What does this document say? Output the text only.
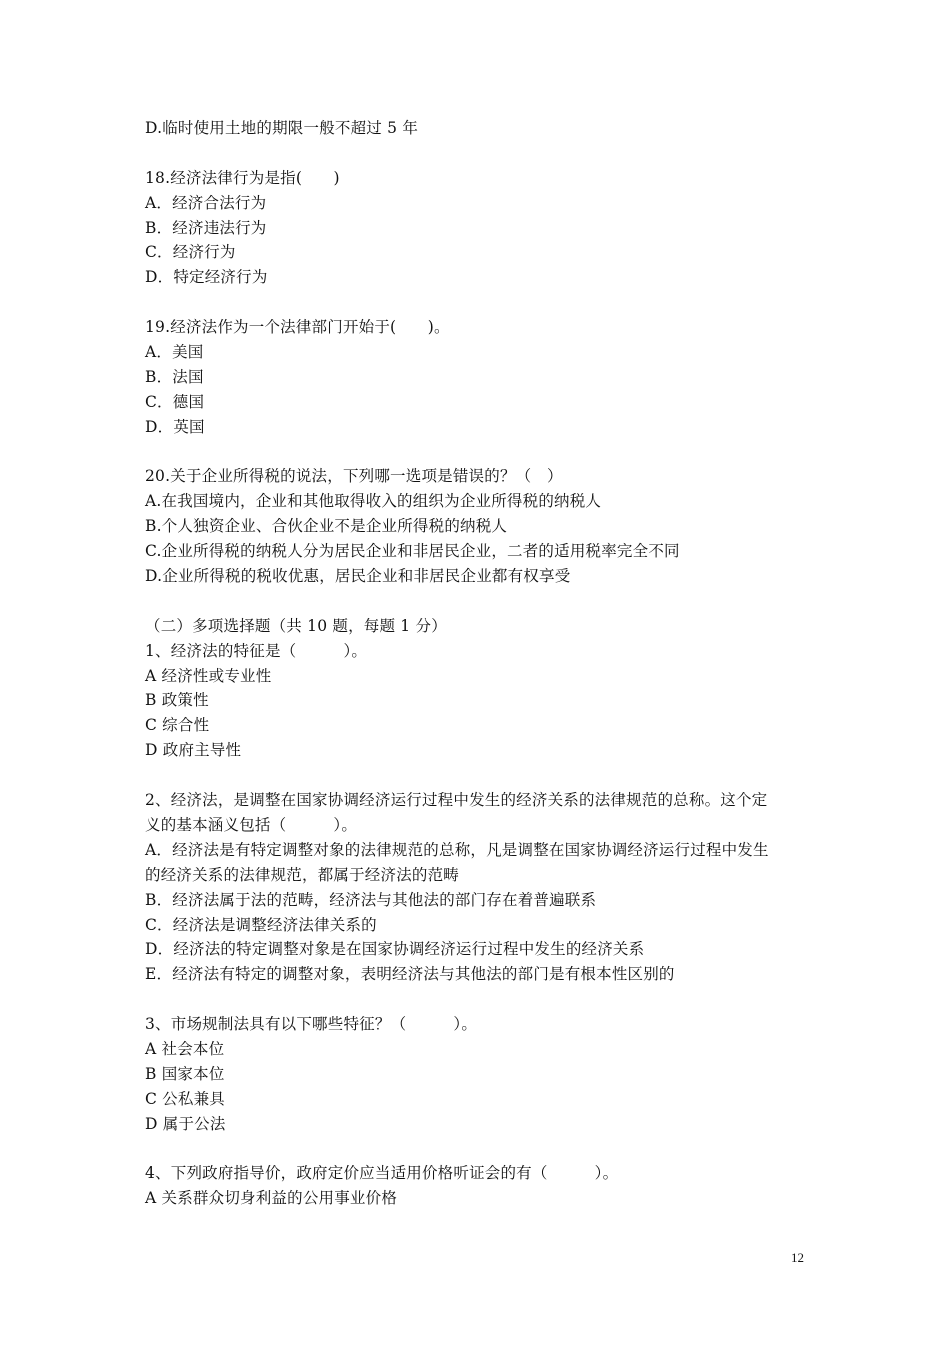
D.临时使用土地的期限一般不超过 5 年
18.经济法律行为是指(　　)
A．经济合法行为
B．经济违法行为
C．经济行为
D．特定经济行为
19.经济法作为一个法律部门开始于(　　)。
A．美国
B．法国
C．德国
D．英国
20.关于企业所得税的说法，下列哪一选项是错误的？（　）
A.在我国境内，企业和其他取得收入的组织为企业所得税的纳税人
B.个人独资企业、合伙企业不是企业所得税的纳税人
C.企业所得税的纳税人分为居民企业和非居民企业，二者的适用税率完全不同
D.企业所得税的税收优惠，居民企业和非居民企业都有权享受
（二）多项选择题（共 10 题，每题 1 分）
1、经济法的特征是（　　　）。
A 经济性或专业性
B 政策性
C 综合性
D 政府主导性
2、经济法，是调整在国家协调经济运行过程中发生的经济关系的法律规范的总称。这个定
义的基本涵义包括（　　　）。
A．经济法是有特定调整对象的法律规范的总称，凡是调整在国家协调经济运行过程中发生
的经济关系的法律规范，都属于经济法的范畴
B．经济法属于法的范畴，经济法与其他法的部门存在着普遍联系
C．经济法是调整经济法律关系的
D．经济法的特定调整对象是在国家协调经济运行过程中发生的经济关系
E．经济法有特定的调整对象，表明经济法与其他法的部门是有根本性区别的
3、市场规制法具有以下哪些特征？（　　　）。
A 社会本位
B 国家本位
C 公私兼具
D 属于公法
4、下列政府指导价，政府定价应当适用价格听证会的有（　　　）。
A 关系群众切身利益的公用事业价格
12
